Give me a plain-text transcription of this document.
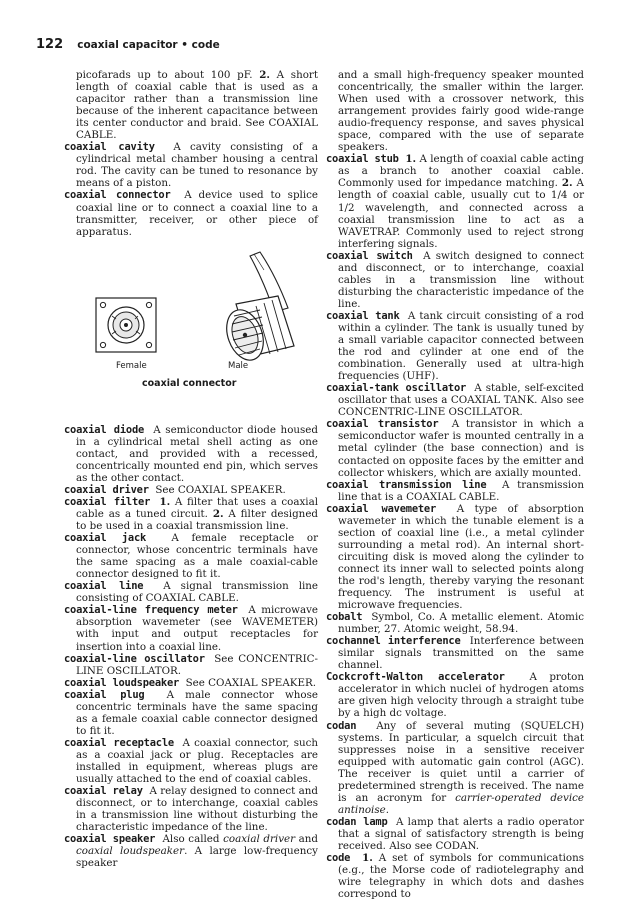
122 coaxial capacitor • code

picofarads up to about 100 pF. 2. A short length of coaxial cable that is used as a capacitor rather than a transmission line because of the inherent capacitance between its center conductor and braid. See COAXIAL CABLE.

coaxial cavity A cavity consisting of a cylindrical metal chamber housing a central rod. The cavity can be tuned to resonance by means of a piston.

coaxial connector A device used to splice coaxial line or to connect a coaxial line to a transmitter, receiver, or other piece of apparatus.

Female	Male
coaxial connector

coaxial diode A semiconductor diode housed in a cylindrical metal shell acting as one contact, and provided with a recessed, concentrically mounted end pin, which serves as the other contact.

coaxial driver See COAXIAL SPEAKER.

coaxial filter 1. A filter that uses a coaxial cable as a tuned circuit. 2. A filter designed to be used in a coaxial transmission line.

coaxial jack A female receptacle or connector, whose concentric terminals have the same spacing as a male coaxial-cable connector designed to fit it.

coaxial line A signal transmission line consisting of COAXIAL CABLE.

coaxial-line frequency meter A microwave absorption wavemeter (see WAVEMETER) with input and output receptacles for insertion into a coaxial line.

coaxial-line oscillator See CONCENTRIC-LINE OSCILLATOR.

coaxial loudspeaker See COAXIAL SPEAKER.

coaxial plug A male connector whose concentric terminals have the same spacing as a female coaxial cable connector designed to fit it.

coaxial receptacle A coaxial connector, such as a coaxial jack or plug. Receptacles are installed in equipment, whereas plugs are usually attached to the end of coaxial cables.

coaxial relay A relay designed to connect and disconnect, or to interchange, coaxial cables in a transmission line without disturbing the characteristic impedance of the line.

coaxial speaker Also called coaxial driver and coaxial loudspeaker. A large low-frequency speaker

and a small high-frequency speaker mounted concentrically, the smaller within the larger. When used with a crossover network, this arrangement provides fairly good wide-range audio-frequency response, and saves physical space, compared with the use of separate speakers.

coaxial stub 1. A length of coaxial cable acting as a branch to another coaxial cable. Commonly used for impedance matching. 2. A length of coaxial cable, usually cut to 1/4 or 1/2 wavelength, and connected across a coaxial transmission line to act as a WAVETRAP. Commonly used to reject strong interfering signals.

coaxial switch A switch designed to connect and disconnect, or to interchange, coaxial cables in a transmission line without disturbing the characteristic impedance of the line.

coaxial tank A tank circuit consisting of a rod within a cylinder. The tank is usually tuned by a small variable capacitor connected between the rod and cylinder at one end of the combination. Generally used at ultra-high frequencies (UHF).

coaxial-tank oscillator A stable, self-excited oscillator that uses a COAXIAL TANK. Also see CONCENTRIC-LINE OSCILLATOR.

coaxial transistor A transistor in which a semiconductor wafer is mounted centrally in a metal cylinder (the base connection) and is contacted on opposite faces by the emitter and collector whiskers, which are axially mounted.

coaxial transmission line A transmission line that is a COAXIAL CABLE.

coaxial wavemeter A type of absorption wavemeter in which the tunable element is a section of coaxial line (i.e., a metal cylinder surrounding a metal rod). An internal short-circuiting disk is moved along the cylinder to connect its inner wall to selected points along the rod's length, thereby varying the resonant frequency. The instrument is useful at microwave frequencies.

cobalt Symbol, Co. A metallic element. Atomic number, 27. Atomic weight, 58.94.

cochannel interference Interference between similar signals transmitted on the same channel.

Cockcroft-Walton accelerator A proton accelerator in which nuclei of hydrogen atoms are given high velocity through a straight tube by a high dc voltage.

codan Any of several muting (SQUELCH) systems. In particular, a squelch circuit that suppresses noise in a sensitive receiver equipped with automatic gain control (AGC). The receiver is quiet until a carrier of predetermined strength is received. The name is an acronym for carrier-operated device antinoise.

codan lamp A lamp that alerts a radio operator that a signal of satisfactory strength is being received. Also see CODAN.

code 1. A set of symbols for communications (e.g., the Morse code of radiotelegraphy and wire telegraphy in which dots and dashes correspond to
